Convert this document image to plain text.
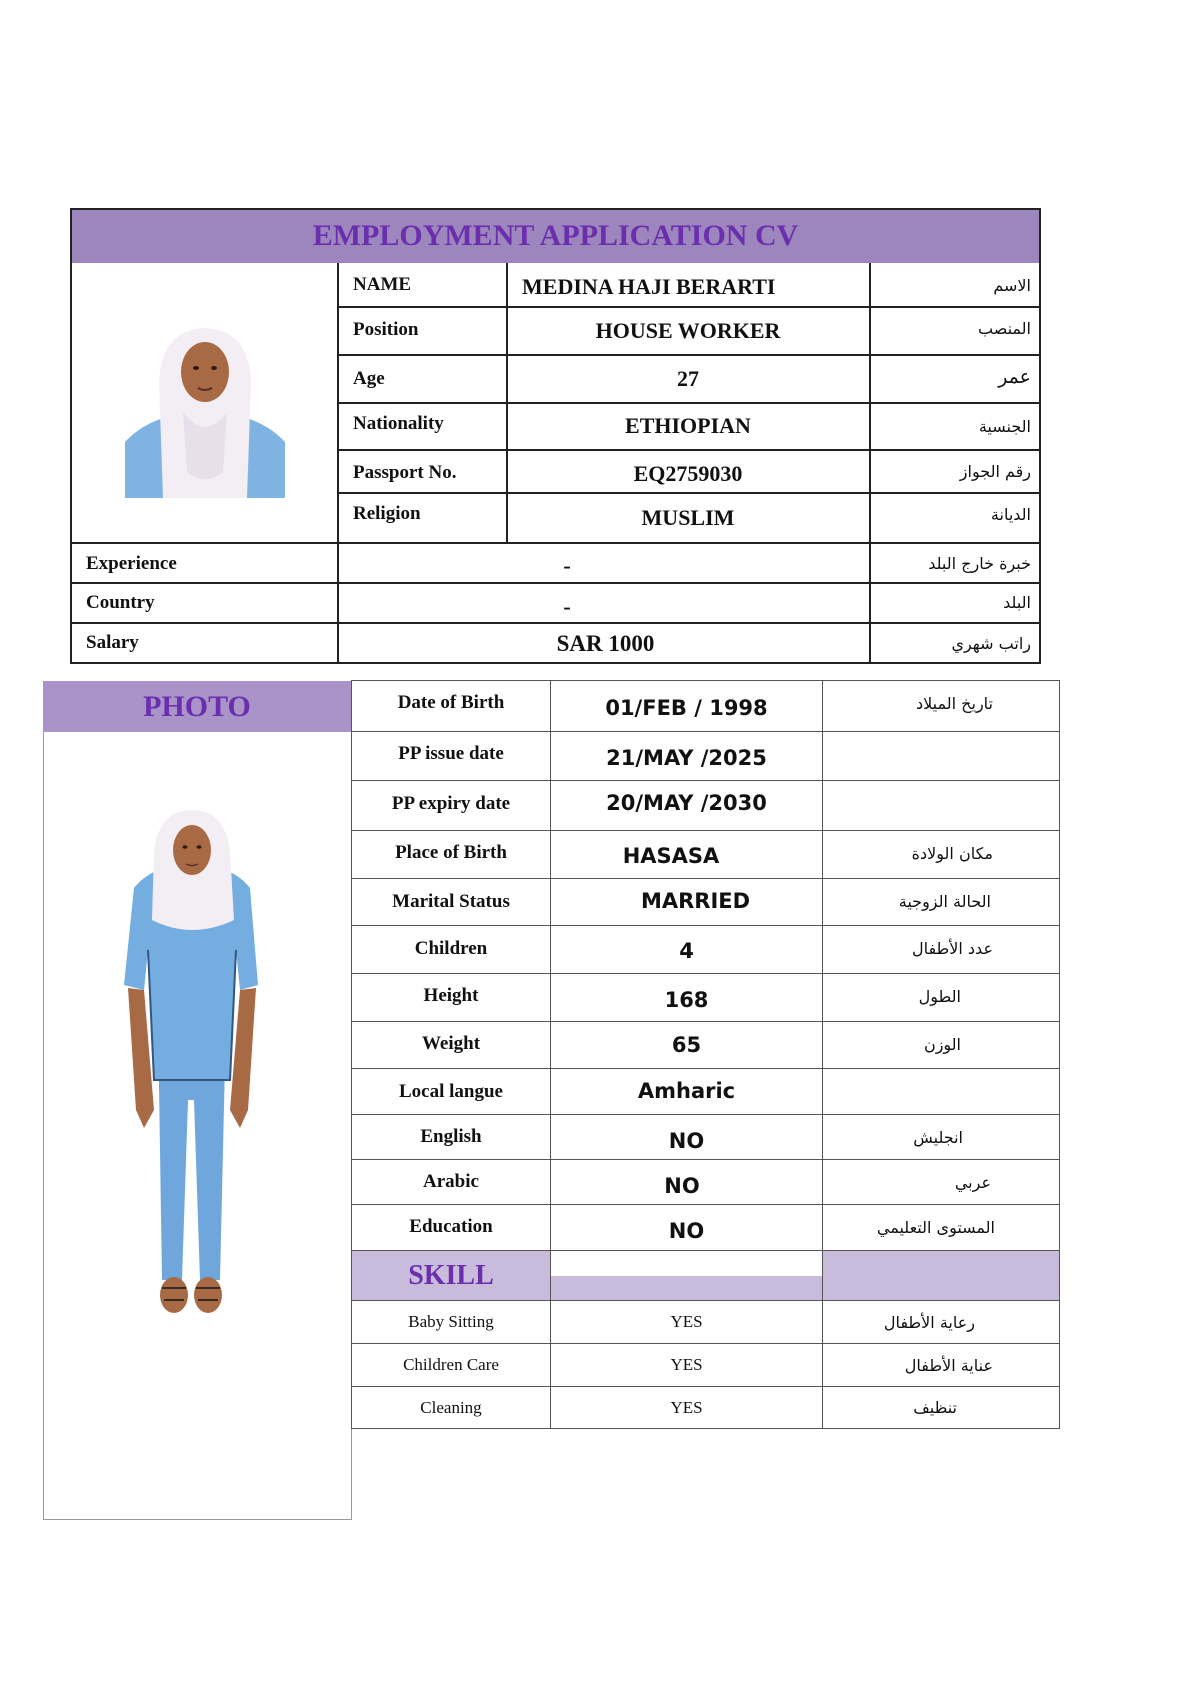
EMPLOYMENT APPLICATION CV
NAME	MEDINA HAJI BERARTI	الاسم
Position	HOUSE WORKER	المنصب
Age	27	عمر
Nationality	ETHIOPIAN	الجنسية
Passport No.	EQ2759030	رقم الجواز
Religion	MUSLIM	الديانة
Experience	-	خبرة خارج البلد
Country	-	البلد
Salary	SAR 1000	راتب شهري
PHOTO	Date of Birth	01/FEB / 1998	تاريخ الميلاد
PP issue date	21/MAY /2025
PP expiry date	20/MAY /2030
Place of Birth	HASASA	مكان الولادة
Marital Status	MARRIED	الحالة الزوجية
Children	4	عدد الأطفال
Height	168	الطول
Weight	65	الوزن
Local langue	Amharic
English	NO	انجليش
Arabic	NO	عربي
Education	NO	المستوى التعليمي
SKILL
Baby Sitting	YES	رعاية الأطفال
Children Care	YES	عناية الأطفال
Cleaning	YES	تنظيف
